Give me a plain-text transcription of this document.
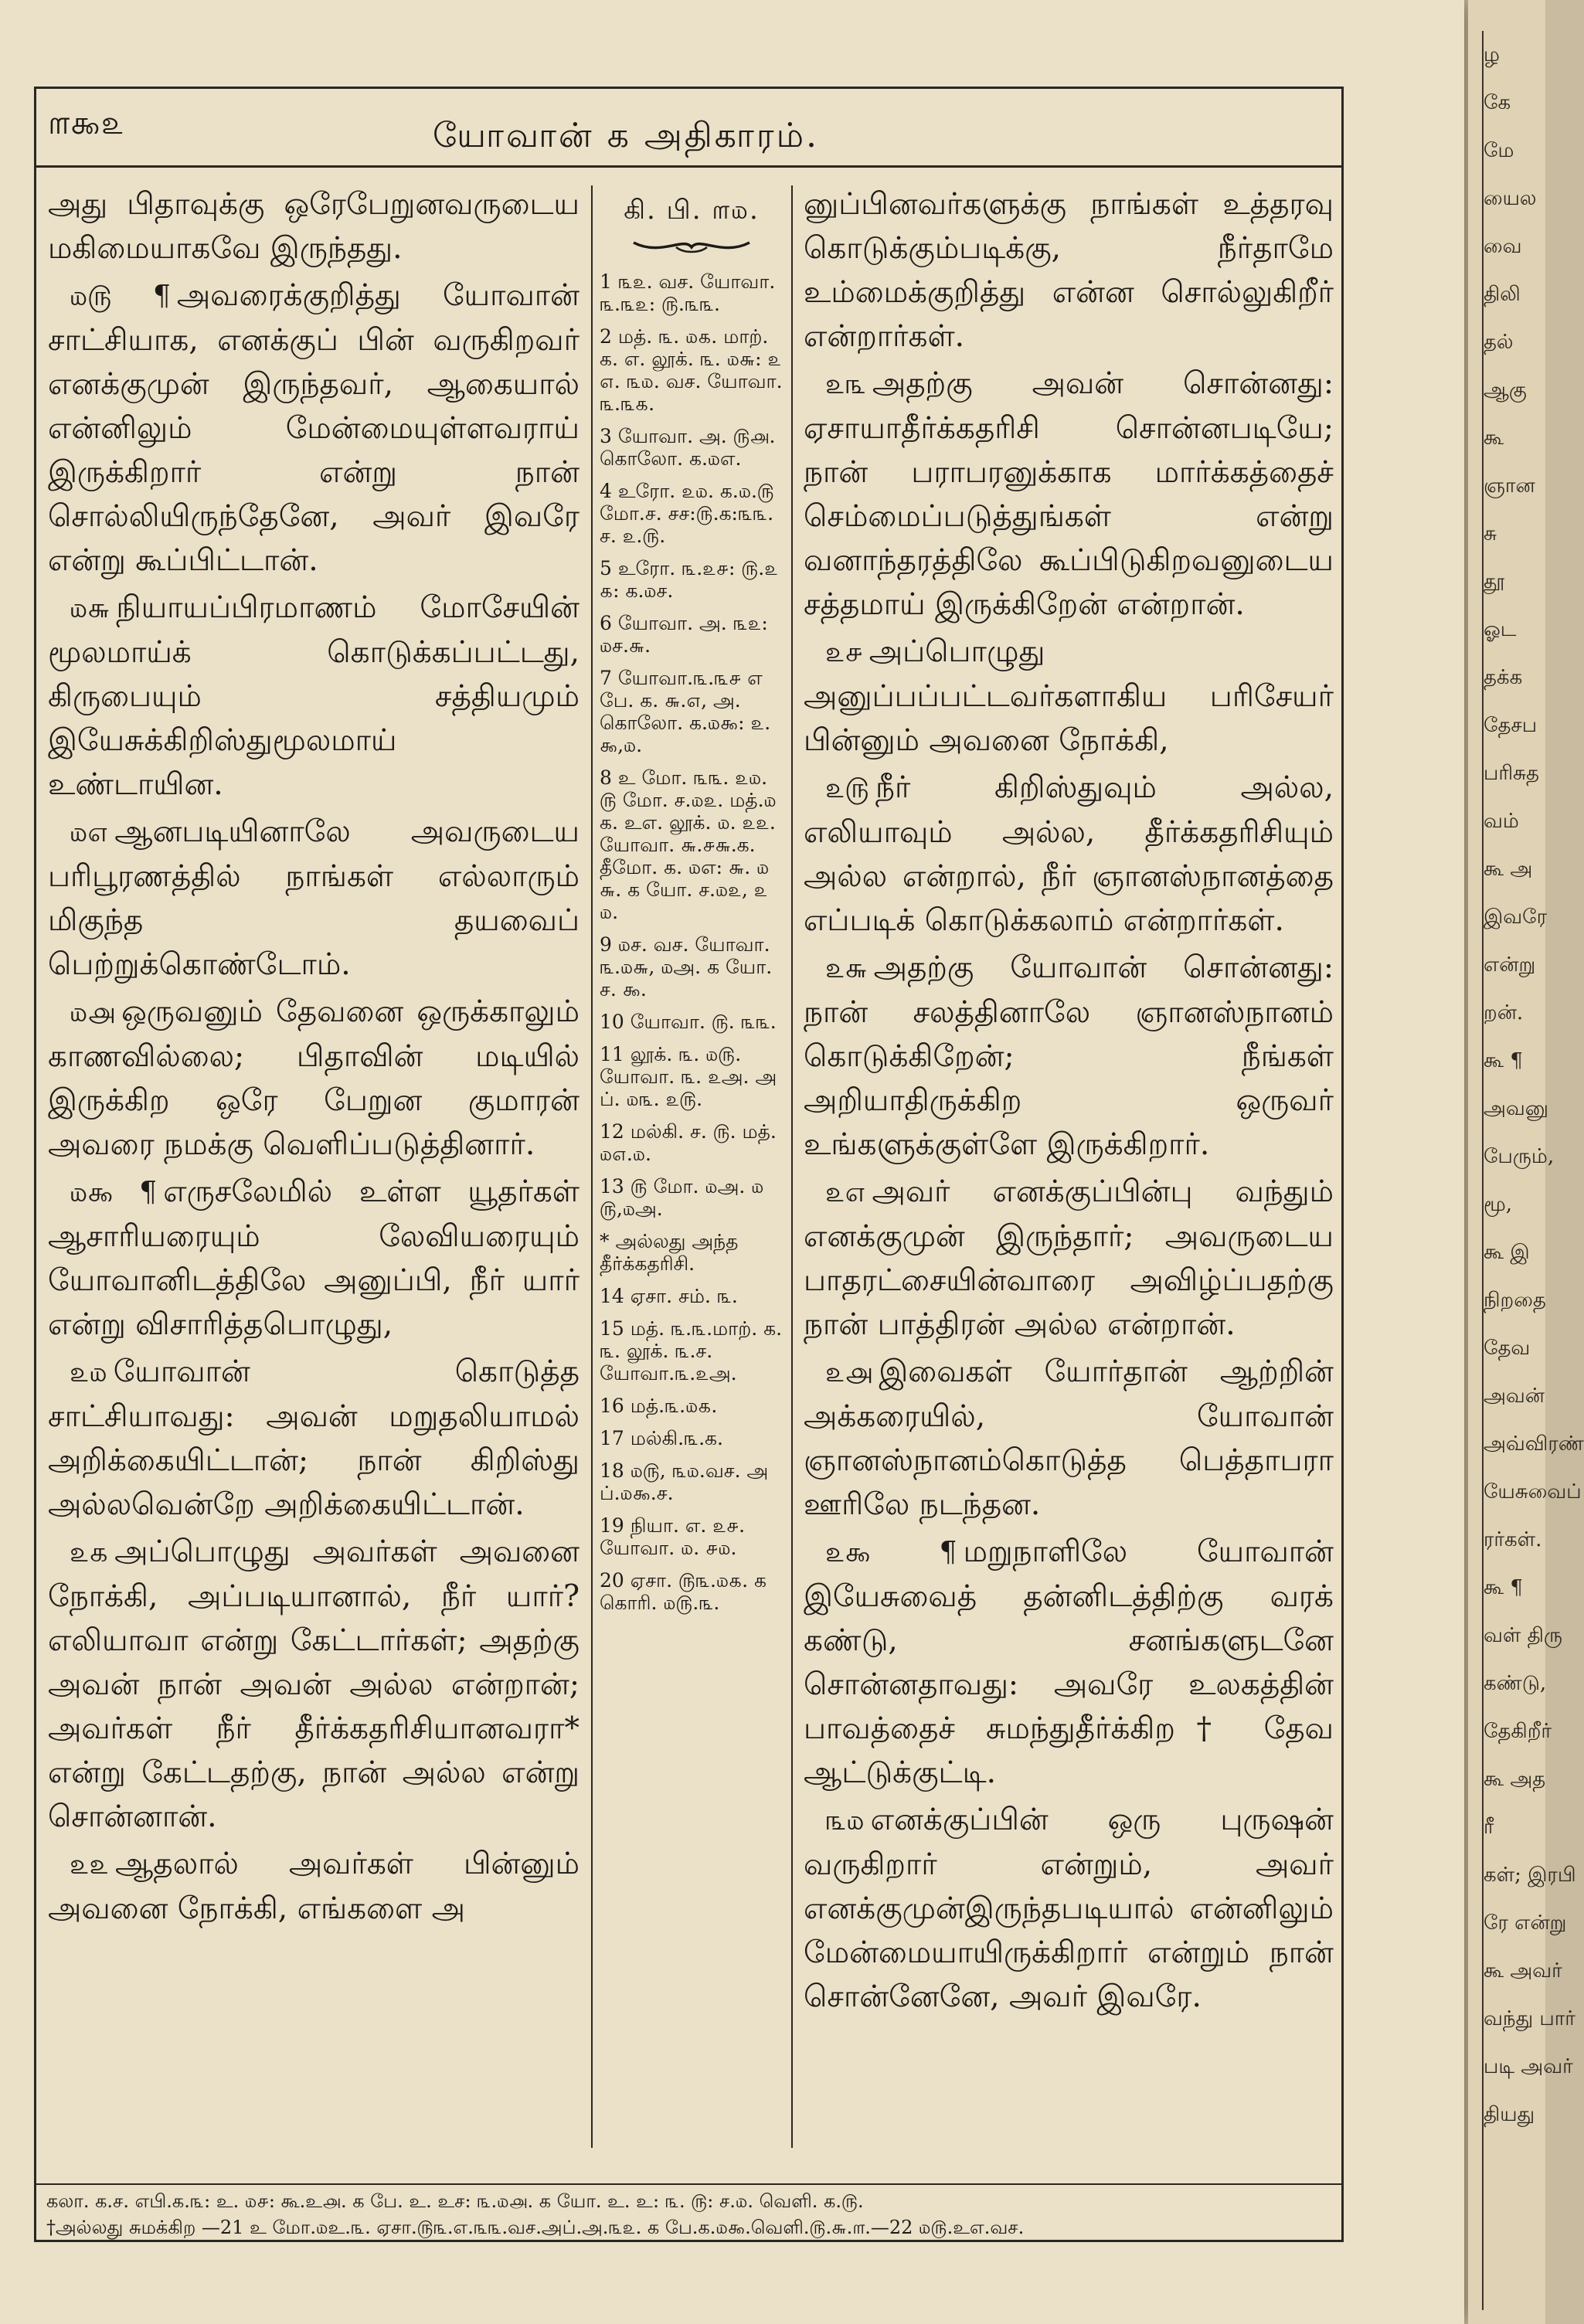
௱௯௨	யோவான் க அதிகாரம்.

அது பிதாவுக்கு ஒரேபேறுனவருடைய மகிமையாகவே இருந்தது.

௰௫ ¶ அவரைக்குறித்து யோவான் சாட்சியாக, எனக்குப் பின் வருகிறவர் எனக்குமுன் இருந்தவர், ஆகையால் என்னிலும் மேன்மையுள்ளவராய் இருக்கிறார் என்று நான் சொல்லியிருந்தேனே, அவர் இவரே என்று கூப்பிட்டான்.

௰௬ நியாயப்பிரமாணம் மோசேயின் மூலமாய்க் கொடுக்கப்பட்டது, கிருபையும் சத்தியமும் இயேசுக்கிறிஸ்துமூலமாய் உண்டாயின.

௰௭ ஆனபடியினாலே அவருடைய பரிபூரணத்தில் நாங்கள் எல்லாரும் மிகுந்த தயவைப் பெற்றுக்கொண்டோம்.

௰௮ ஒருவனும் தேவனை ஒருக்காலும் காணவில்லை; பிதாவின் மடியில் இருக்கிற ஒரே பேறுன குமாரன் அவரை நமக்கு வெளிப்படுத்தினார்.

௰௯ ¶ எருசலேமில் உள்ள யூதர்கள் ஆசாரியரையும் லேவியரையும் யோவானிடத்திலே அனுப்பி, நீர் யார் என்று விசாரித்தபொழுது,

௨௰ யோவான் கொடுத்த சாட்சியாவது: அவன் மறுதலியாமல் அறிக்கையிட்டான்; நான் கிறிஸ்து அல்லவென்றே அறிக்கையிட்டான்.

௨௧ அப்பொழுது அவர்கள் அவனை நோக்கி, அப்படியானால், நீர் யார்? எலியாவா என்று கேட்டார்கள்; அதற்கு அவன் நான் அவன் அல்ல என்றான்; அவர்கள் நீர் தீர்க்கதரிசியானவரா* என்று கேட்டதற்கு, நான் அல்ல என்று சொன்னான்.

௨௨ ஆதலால் அவர்கள் பின்னும் அவனை நோக்கி, எங்களை அ

கி. பி. ௱௰.
1 ௩௨. வச. யோவா. ௩.௩௨: ௫.௩௩.
2 மத். ௩. ௰௧. மாற். க. எ. லூக். ௩. ௰௬: ௨௭. ௩௰. வச. யோவா. ௩.௩௧.
3 யோவா. அ. ௫௮. கொலோ. க.௰எ.
4 உரோ. ௨௰. க.௰.௫ மோ.ச. சச:௫.க:௩௩.ச. ௨.௫.
5 உரோ. ௩.௨௪: ௫.௨௧: க.௰ச.
6 யோவா. அ. ௩௨: ௰ச.௬.
7 யோவா.௩.௩௪ எபே. க. ௬.௭, அ. கொலோ. க.௰௯: ௨. ௯,௰.
8 உ மோ. ௩௩. ௨௰. ௫ மோ. ச.௰௨. மத்.௰க. உஎ. லூக். ௰. ௨௨. யோவா. ௬.௪௬.க.தீமோ. க. ௰எ: ௬. ௰௬. க யோ. ச.௰௨, ௨௰.
9 ௰ச. வச. யோவா. ௩.௰௬, ௰அ. க யோ. ச. ௯.
10 யோவா. ௫. ௩௩.
11 லூக். ௩. ௰௫. யோவா. ௩. ௨அ. அப். ௰௩. ௨௫.
12 மல்கி. ச. ௫. மத். ௰௭.௰.
13 ௫ மோ. ௰அ. ௰௫,௰அ.
* அல்லது அந்த தீர்க்கதரிசி.
14 ஏசா. சம். ௩.
15 மத். ௩.௩.மாற். க.௩. லூக். ௩.ச. யோவா.௩.௨அ.
16 மத்.௩.௰௧.
17 மல்கி.௩.க.
18 ௰௫, ௩௰.வச. அப்.௰௯.ச.
19 நியா. எ. ௨௪. யோவா. ௰. ௪௰.
20 ஏசா. ௫௩.௰௧. ககொரி. ௰௫.௩.

னுப்பினவர்களுக்கு நாங்கள் உத்தரவு கொடுக்கும்படிக்கு, நீர்தாமே உம்மைக்குறித்து என்ன சொல்லுகிறீர் என்றார்கள்.

௨௩ அதற்கு அவன் சொன்னது: ஏசாயாதீர்க்கதரிசி சொன்னபடியே; நான் பராபரனுக்காக மார்க்கத்தைச் செம்மைப்படுத்துங்கள் என்று வனாந்தரத்திலே கூப்பிடுகிறவனுடைய சத்தமாய் இருக்கிறேன் என்றான்.

௨௪ அப்பொழுது அனுப்பப்பட்டவர்களாகிய பரிசேயர் பின்னும் அவனை நோக்கி,

௨௫ நீர் கிறிஸ்துவும் அல்ல, எலியாவும் அல்ல, தீர்க்கதரிசியும் அல்ல என்றால், நீர் ஞானஸ்நானத்தை எப்படிக் கொடுக்கலாம் என்றார்கள்.

௨௬ அதற்கு யோவான் சொன்னது: நான் சலத்தினாலே ஞானஸ்நானம் கொடுக்கிறேன்; நீங்கள் அறியாதிருக்கிற ஒருவர் உங்களுக்குள்ளே இருக்கிறார்.

௨௭ அவர் எனக்குப்பின்பு வந்தும் எனக்குமுன் இருந்தார்; அவருடைய பாதரட்சையின்வாரை அவிழ்ப்பதற்கு நான் பாத்திரன் அல்ல என்றான்.

௨௮ இவைகள் யோர்தான் ஆற்றின் அக்கரையில், யோவான் ஞானஸ்நானம்கொடுத்த பெத்தாபரா ஊரிலே நடந்தன.

௨௯ ¶ மறுநாளிலே யோவான் இயேசுவைத் தன்னிடத்திற்கு வரக் கண்டு, சனங்களுடனே சொன்னதாவது: அவரே உலகத்தின் பாவத்தைச் சுமந்துதீர்க்கிற† தேவ ஆட்டுக்குட்டி.

௩௰ எனக்குப்பின் ஒரு புருஷன் வருகிறார் என்றும், அவர் எனக்குமுன்இருந்தபடியால் என்னிலும் மேன்மையாயிருக்கிறார் என்றும் நான் சொன்னேனே, அவர் இவரே.

கலா. க.ச. எபி.க.௩: உ. ௰௪: கூ.உ௮. க பே. உ. உச: ௩.௰௮. க யோ. உ. உ: ௩. ௫: ச.௰. வெளி. க.௫.
†அல்லது சுமக்கிற —21 உ மோ.௰உ.௩. ஏசா.௫௩.எ.௩௩.வச.அப்.அ.௩௨. க பே.க.௰௯.வெளி.௫.௬.௱.—22 ௰௫.உஎ.வச.
ழ
கே
மே
யைல
வை
திலி
தல்
ஆகு
கூ
ஞான
சு
தூ
ஓட
தக்க
தேசப
பரிசுத
வம்
கூ அ
இவரே
என்று
றன்.
கூ ¶
அவனு
பேரும்,
மூ,
கூ இ
நிறதை
தேவ
அவன்
அவ்விரண்
யேசுவைப்
ரர்கள்.
கூ ¶
வள் திரு
கண்டு,
தேகிறீர்
கூ அத
ரீ
கள்; இரபி
ரே என்று
கூ அவர்
வந்து பார்
படி அவர்
தியது
